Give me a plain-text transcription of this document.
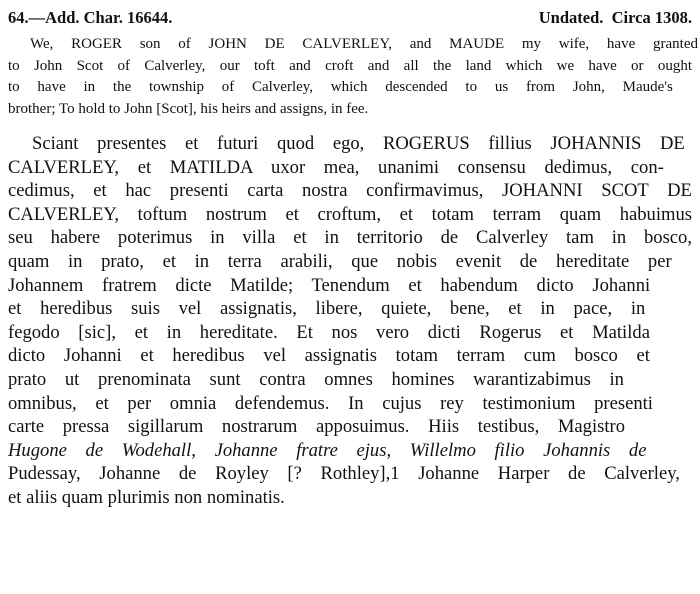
64.—Add. Char. 16644.	Undated.  Circa 1308.
We, ROGER son of JOHN DE CALVERLEY, and MAUDE my wife, have granted
to John Scot of Calverley, our toft and croft and all the land which we have or ought
to have in the township of Calverley, which descended to us from John, Maude's
brother; To hold to John [Scot], his heirs and assigns, in fee.
Sciant presentes et futuri quod ego, ROGERUS fillius JOHANNIS DE
CALVERLEY, et MATILDA uxor mea, unanimi consensu dedimus, con-
cedimus, et hac presenti carta nostra confirmavimus, JOHANNI SCOT DE
CALVERLEY, toftum nostrum et croftum, et totam terram quam habuimus
seu habere poterimus in villa et in territorio de Calverley tam in bosco,
quam in prato, et in terra arabili, que nobis evenit de hereditate per
Johannem fratrem dicte Matilde; Tenendum et habendum dicto Johanni
et heredibus suis vel assignatis, libere, quiete, bene, et in pace, in
fegodo [sic], et in hereditate. Et nos vero dicti Rogerus et Matilda
dicto Johanni et heredibus vel assignatis totam terram cum bosco et
prato ut prenominata sunt contra omnes homines warantizabimus in
omnibus, et per omnia defendemus. In cujus rey testimonium presenti
carte pressa sigillarum nostrarum apposuimus. Hiis testibus, Magistro
Hugone de Wodehall, Johanne fratre ejus, Willelmo filio Johannis de
Pudessay, Johanne de Royley [? Rothley],1 Johanne Harper de Calverley,
et aliis quam plurimis non nominatis.
